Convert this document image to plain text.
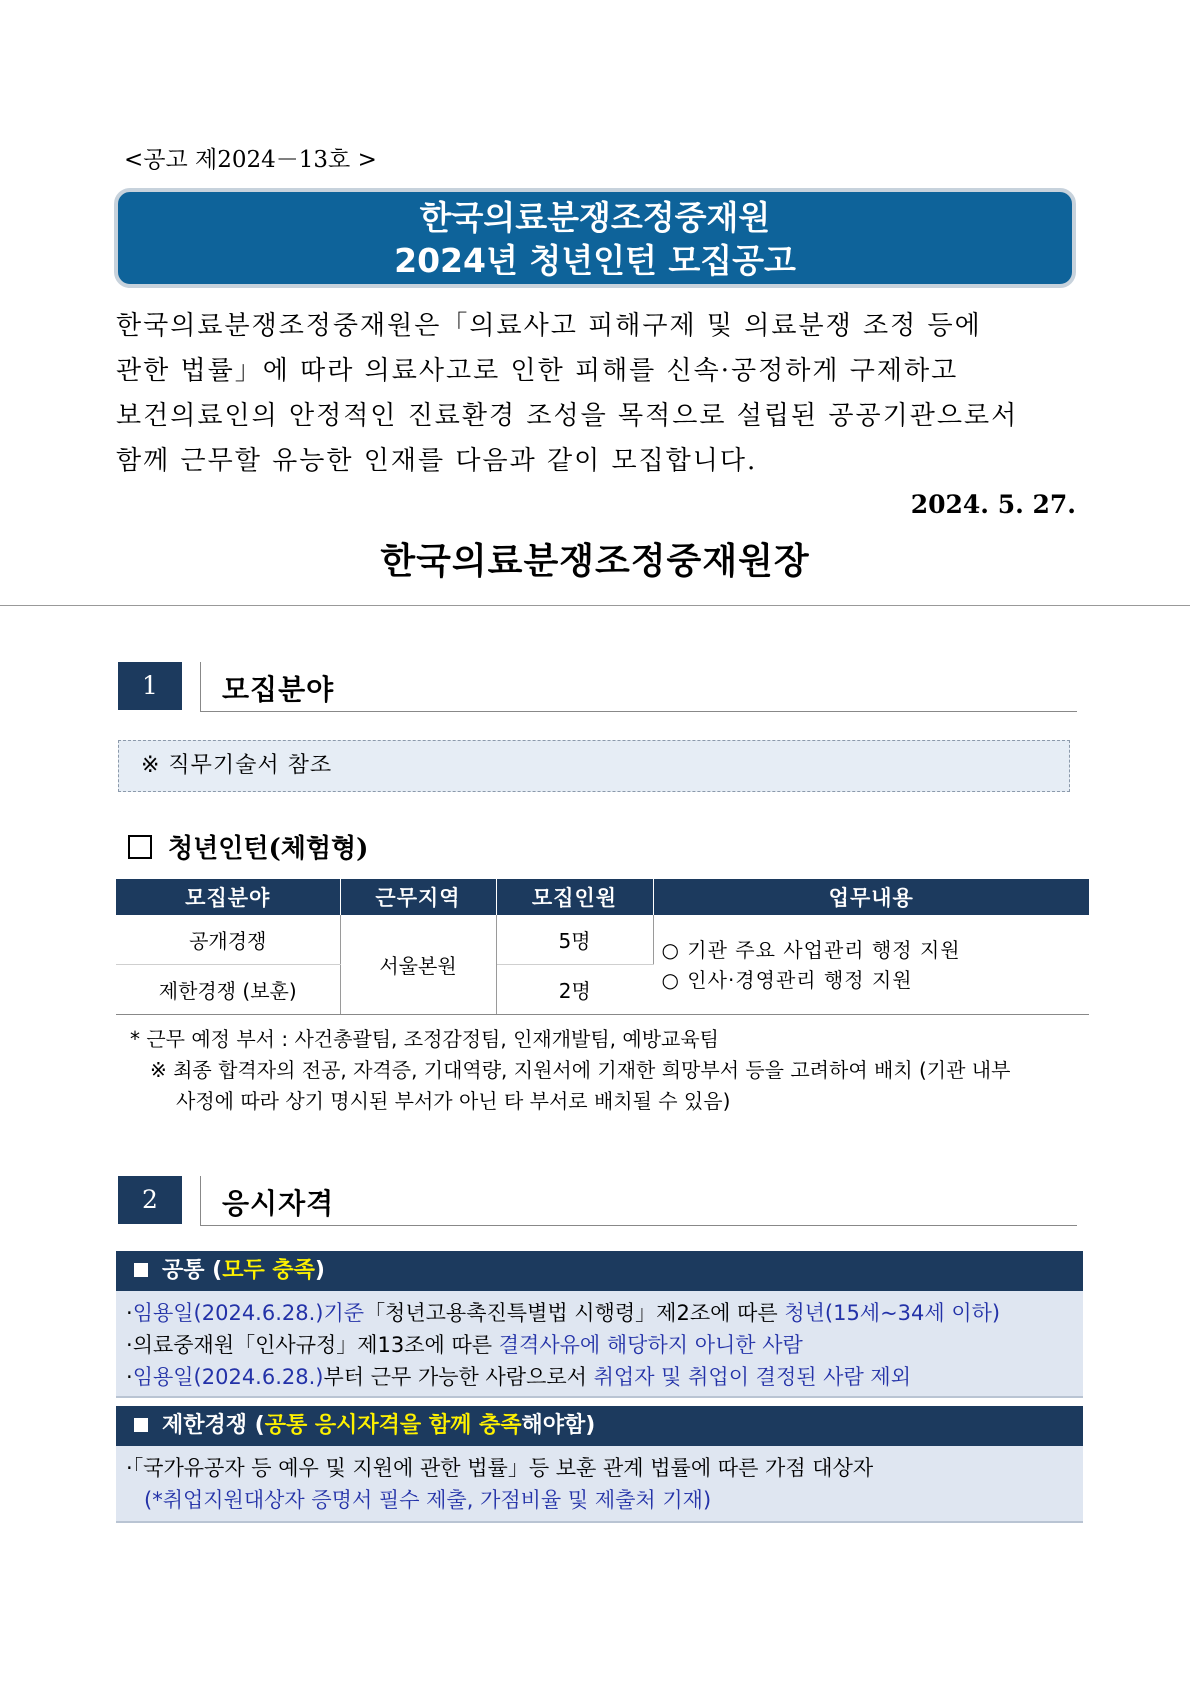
<공고 제2024－13호 >
한국의료분쟁조정중재원
2024년 청년인턴 모집공고
한국의료분쟁조정중재원은「의료사고 피해구제 및 의료분쟁 조정 등에
관한 법률」에 따라 의료사고로 인한 피해를 신속·공정하게 구제하고
보건의료인의 안정적인 진료환경 조성을 목적으로 설립된 공공기관으로서
함께 근무할 유능한 인재를 다음과 같이 모집합니다.
2024. 5. 27.
한국의료분쟁조정중재원장
1	모집분야
※ 직무기술서 참조
청년인턴(체험형)
모집분야	근무지역	모집인원	업무내용
공개경쟁	서울본원	5명	○ 기관 주요 사업관리 행정 지원
○ 인사·경영관리 행정 지원

제한경쟁 (보훈)		2명	
* 근무 예정 부서 : 사건총괄팀, 조정감정팀, 인재개발팀, 예방교육팀
※ 최종 합격자의 전공, 자격증, 기대역량, 지원서에 기재한 희망부서 등을 고려하여 배치 (기관 내부
사정에 따라 상기 명시된 부서가 아닌 타 부서로 배치될 수 있음)
2	응시자격
공통 (모두 충족)
·임용일(2024.6.28.)기준「청년고용촉진특별법 시행령」제2조에 따른 청년(15세~34세 이하)
·의료중재원「인사규정」제13조에 따른 결격사유에 해당하지 아니한 사람
·임용일(2024.6.28.)부터 근무 가능한 사람으로서 취업자 및 취업이 결정된 사람 제외
제한경쟁 (공통 응시자격을 함께 충족해야함)
·「국가유공자 등 예우 및 지원에 관한 법률」등 보훈 관계 법률에 따른 가점 대상자
(*취업지원대상자 증명서 필수 제출, 가점비율 및 제출처 기재)
